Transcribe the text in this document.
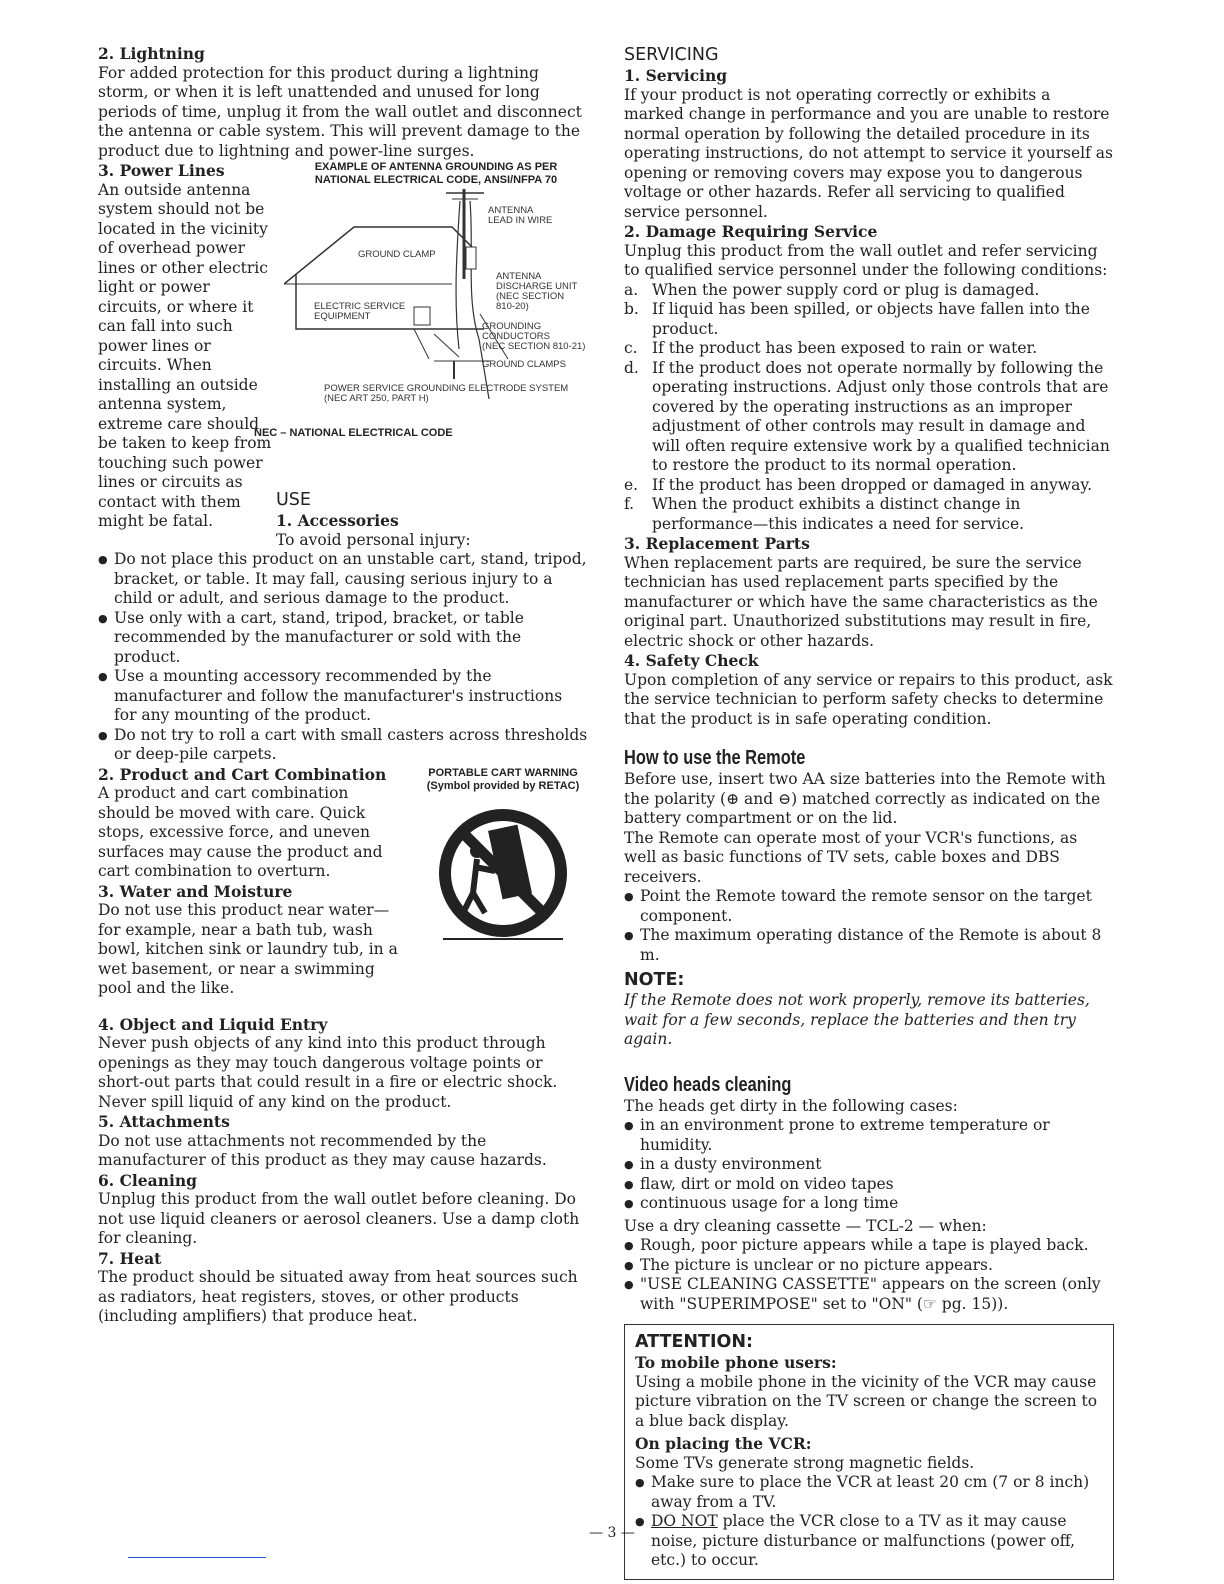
2. Lightning

For added protection for this product during a lightning storm, or when it is left unattended and unused for long periods of time, unplug it from the wall outlet and disconnect the antenna or cable system. This will prevent damage to the product due to lightning and power-line surges.

3. Power Lines

An outside antenna system should not be located in the vicinity of overhead power lines or other electric light or power circuits, or where it can fall into such power lines or circuits. When installing an outside antenna system, extreme care should be taken to keep from touching such power lines or circuits as contact with them might be fatal.

EXAMPLE OF ANTENNA GROUNDING AS PER

NATIONAL ELECTRICAL CODE, ANSI/NFPA 70

ANTENNA
LEAD IN WIRE
GROUND CLAMP
ANTENNA
DISCHARGE UNIT
(NEC SECTION
810-20)
ELECTRIC SERVICE
EQUIPMENT
GROUNDING
CONDUCTORS
(NEC SECTION 810-21)
GROUND CLAMPS
POWER SERVICE GROUNDING ELECTRODE SYSTEM
(NEC ART 250, PART H)

NEC – NATIONAL ELECTRICAL CODE

USE

1. Accessories

To avoid personal injury:

● Do not place this product on an unstable cart, stand, tripod, bracket, or table. It may fall, causing serious injury to a child or adult, and serious damage to the product.
● Use only with a cart, stand, tripod, bracket, or table recommended by the manufacturer or sold with the product.
● Use a mounting accessory recommended by the manufacturer and follow the manufacturer's instructions for any mounting of the product.
● Do not try to roll a cart with small casters across thresholds or deep-pile carpets.

2. Product and Cart Combination

A product and cart combination should be moved with care. Quick stops, excessive force, and uneven surfaces may cause the product and cart combination to overturn.

3. Water and Moisture

Do not use this product near water—for example, near a bath tub, wash bowl, kitchen sink or laundry tub, in a wet basement, or near a swimming pool and the like.

PORTABLE CART WARNING

(Symbol provided by RETAC)

4. Object and Liquid Entry

Never push objects of any kind into this product through openings as they may touch dangerous voltage points or short-out parts that could result in a fire or electric shock. Never spill liquid of any kind on the product.

5. Attachments

Do not use attachments not recommended by the manufacturer of this product as they may cause hazards.

6. Cleaning

Unplug this product from the wall outlet before cleaning. Do not use liquid cleaners or aerosol cleaners. Use a damp cloth for cleaning.

7. Heat

The product should be situated away from heat sources such as radiators, heat registers, stoves, or other products (including amplifiers) that produce heat.

SERVICING

1. Servicing

If your product is not operating correctly or exhibits a marked change in performance and you are unable to restore normal operation by following the detailed procedure in its operating instructions, do not attempt to service it yourself as opening or removing covers may expose you to dangerous voltage or other hazards. Refer all servicing to qualified service personnel.

2. Damage Requiring Service

Unplug this product from the wall outlet and refer servicing to qualified service personnel under the following conditions:

a. When the power supply cord or plug is damaged.
b. If liquid has been spilled, or objects have fallen into the product.
c. If the product has been exposed to rain or water.
d. If the product does not operate normally by following the operating instructions. Adjust only those controls that are covered by the operating instructions as an improper adjustment of other controls may result in damage and will often require extensive work by a qualified technician to restore the product to its normal operation.
e. If the product has been dropped or damaged in anyway.
f. When the product exhibits a distinct change in performance—this indicates a need for service.

3. Replacement Parts

When replacement parts are required, be sure the service technician has used replacement parts specified by the manufacturer or which have the same characteristics as the original part. Unauthorized substitutions may result in fire, electric shock or other hazards.

4. Safety Check

Upon completion of any service or repairs to this product, ask the service technician to perform safety checks to determine that the product is in safe operating condition.

How to use the Remote

Before use, insert two AA size batteries into the Remote with the polarity (⊕ and ⊖) matched correctly as indicated on the battery compartment or on the lid.

The Remote can operate most of your VCR's functions, as well as basic functions of TV sets, cable boxes and DBS receivers.

● Point the Remote toward the remote sensor on the target component.
● The maximum operating distance of the Remote is about 8 m.

NOTE:

If the Remote does not work properly, remove its batteries, wait for a few seconds, replace the batteries and then try again.

Video heads cleaning

The heads get dirty in the following cases:

● in an environment prone to extreme temperature or humidity.
● in a dusty environment
● flaw, dirt or mold on video tapes
● continuous usage for a long time

Use a dry cleaning cassette — TCL-2 — when:

● Rough, poor picture appears while a tape is played back.
● The picture is unclear or no picture appears.
● "USE CLEANING CASSETTE" appears on the screen (only with "SUPERIMPOSE" set to "ON" (☞ pg. 15)).

ATTENTION:

To mobile phone users:

Using a mobile phone in the vicinity of the VCR may cause picture vibration on the TV screen or change the screen to a blue back display.

On placing the VCR:

Some TVs generate strong magnetic fields.

● Make sure to place the VCR at least 20 cm (7 or 8 inch) away from a TV.
● DO NOT place the VCR close to a TV as it may cause noise, picture disturbance or malfunctions (power off, etc.) to occur.
— 3 —
